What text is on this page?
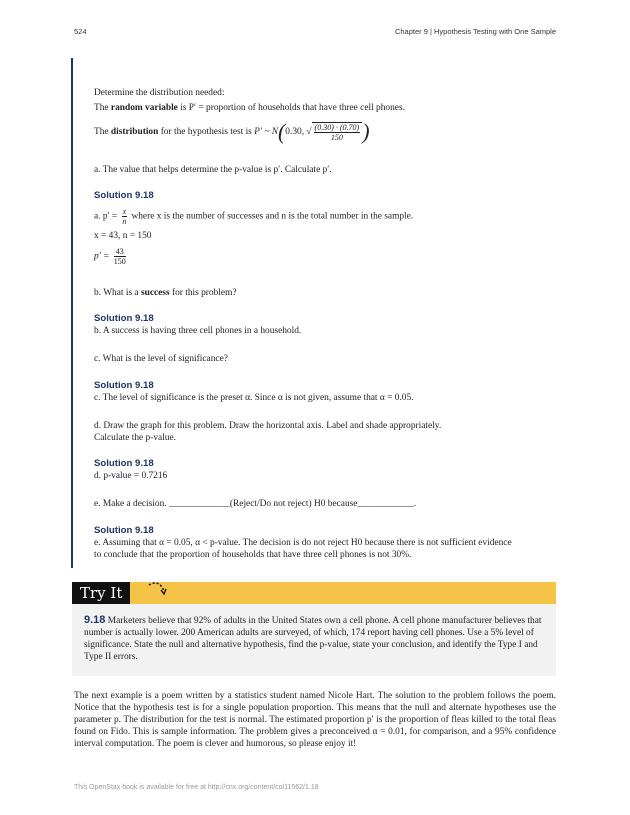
524	Chapter 9 | Hypothesis Testing with One Sample
Determine the distribution needed:
The random variable is P′ = proportion of households that have three cell phones.
The distribution for the hypothesis test is P′ ~ N(0.30, √ $\frac{(0.30) \cdot (0.70)}{150}$ )
a. The value that helps determine the p-value is p′. Calculate p′.
Solution 9.18
a. $p' = \frac{x}{n}$ where x is the number of successes and n is the total number in the sample.
x = 43, n = 150
$p' = \frac{43}{150}$
b. What is a success for this problem?
Solution 9.18
b. A success is having three cell phones in a household.
c. What is the level of significance?
Solution 9.18
c. The level of significance is the preset α. Since α is not given, assume that α = 0.05.
d. Draw the graph for this problem. Draw the horizontal axis. Label and shade appropriately.
Calculate the p-value.
Solution 9.18
d. p-value = 0.7216
e. Make a decision. _____________(Reject/Do not reject) H0 because____________.
Solution 9.18
e. Assuming that α = 0.05, α < p-value. The decision is do not reject H0 because there is not sufficient evidence
to conclude that the proportion of households that have three cell phones is not 30%.
Try It	Σ
9.18 Marketers believe that 92% of adults in the United States own a cell phone. A cell phone manufacturer believes that number is actually lower. 200 American adults are surveyed, of which, 174 report having cell phones. Use a 5% level of significance. State the null and alternative hypothesis, find the p-value, state your conclusion, and identify the Type I and Type II errors.
The next example is a poem written by a statistics student named Nicole Hart. The solution to the problem follows the poem. Notice that the hypothesis test is for a single population proportion. This means that the null and alternate hypotheses use the parameter p. The distribution for the test is normal. The estimated proportion p′ is the proportion of fleas killed to the total fleas found on Fido. This is sample information. The problem gives a preconceived α = 0.01, for comparison, and a 95% confidence interval computation. The poem is clever and humorous, so please enjoy it!
This OpenStax book is available for free at http://cnx.org/content/col11562/1.18
